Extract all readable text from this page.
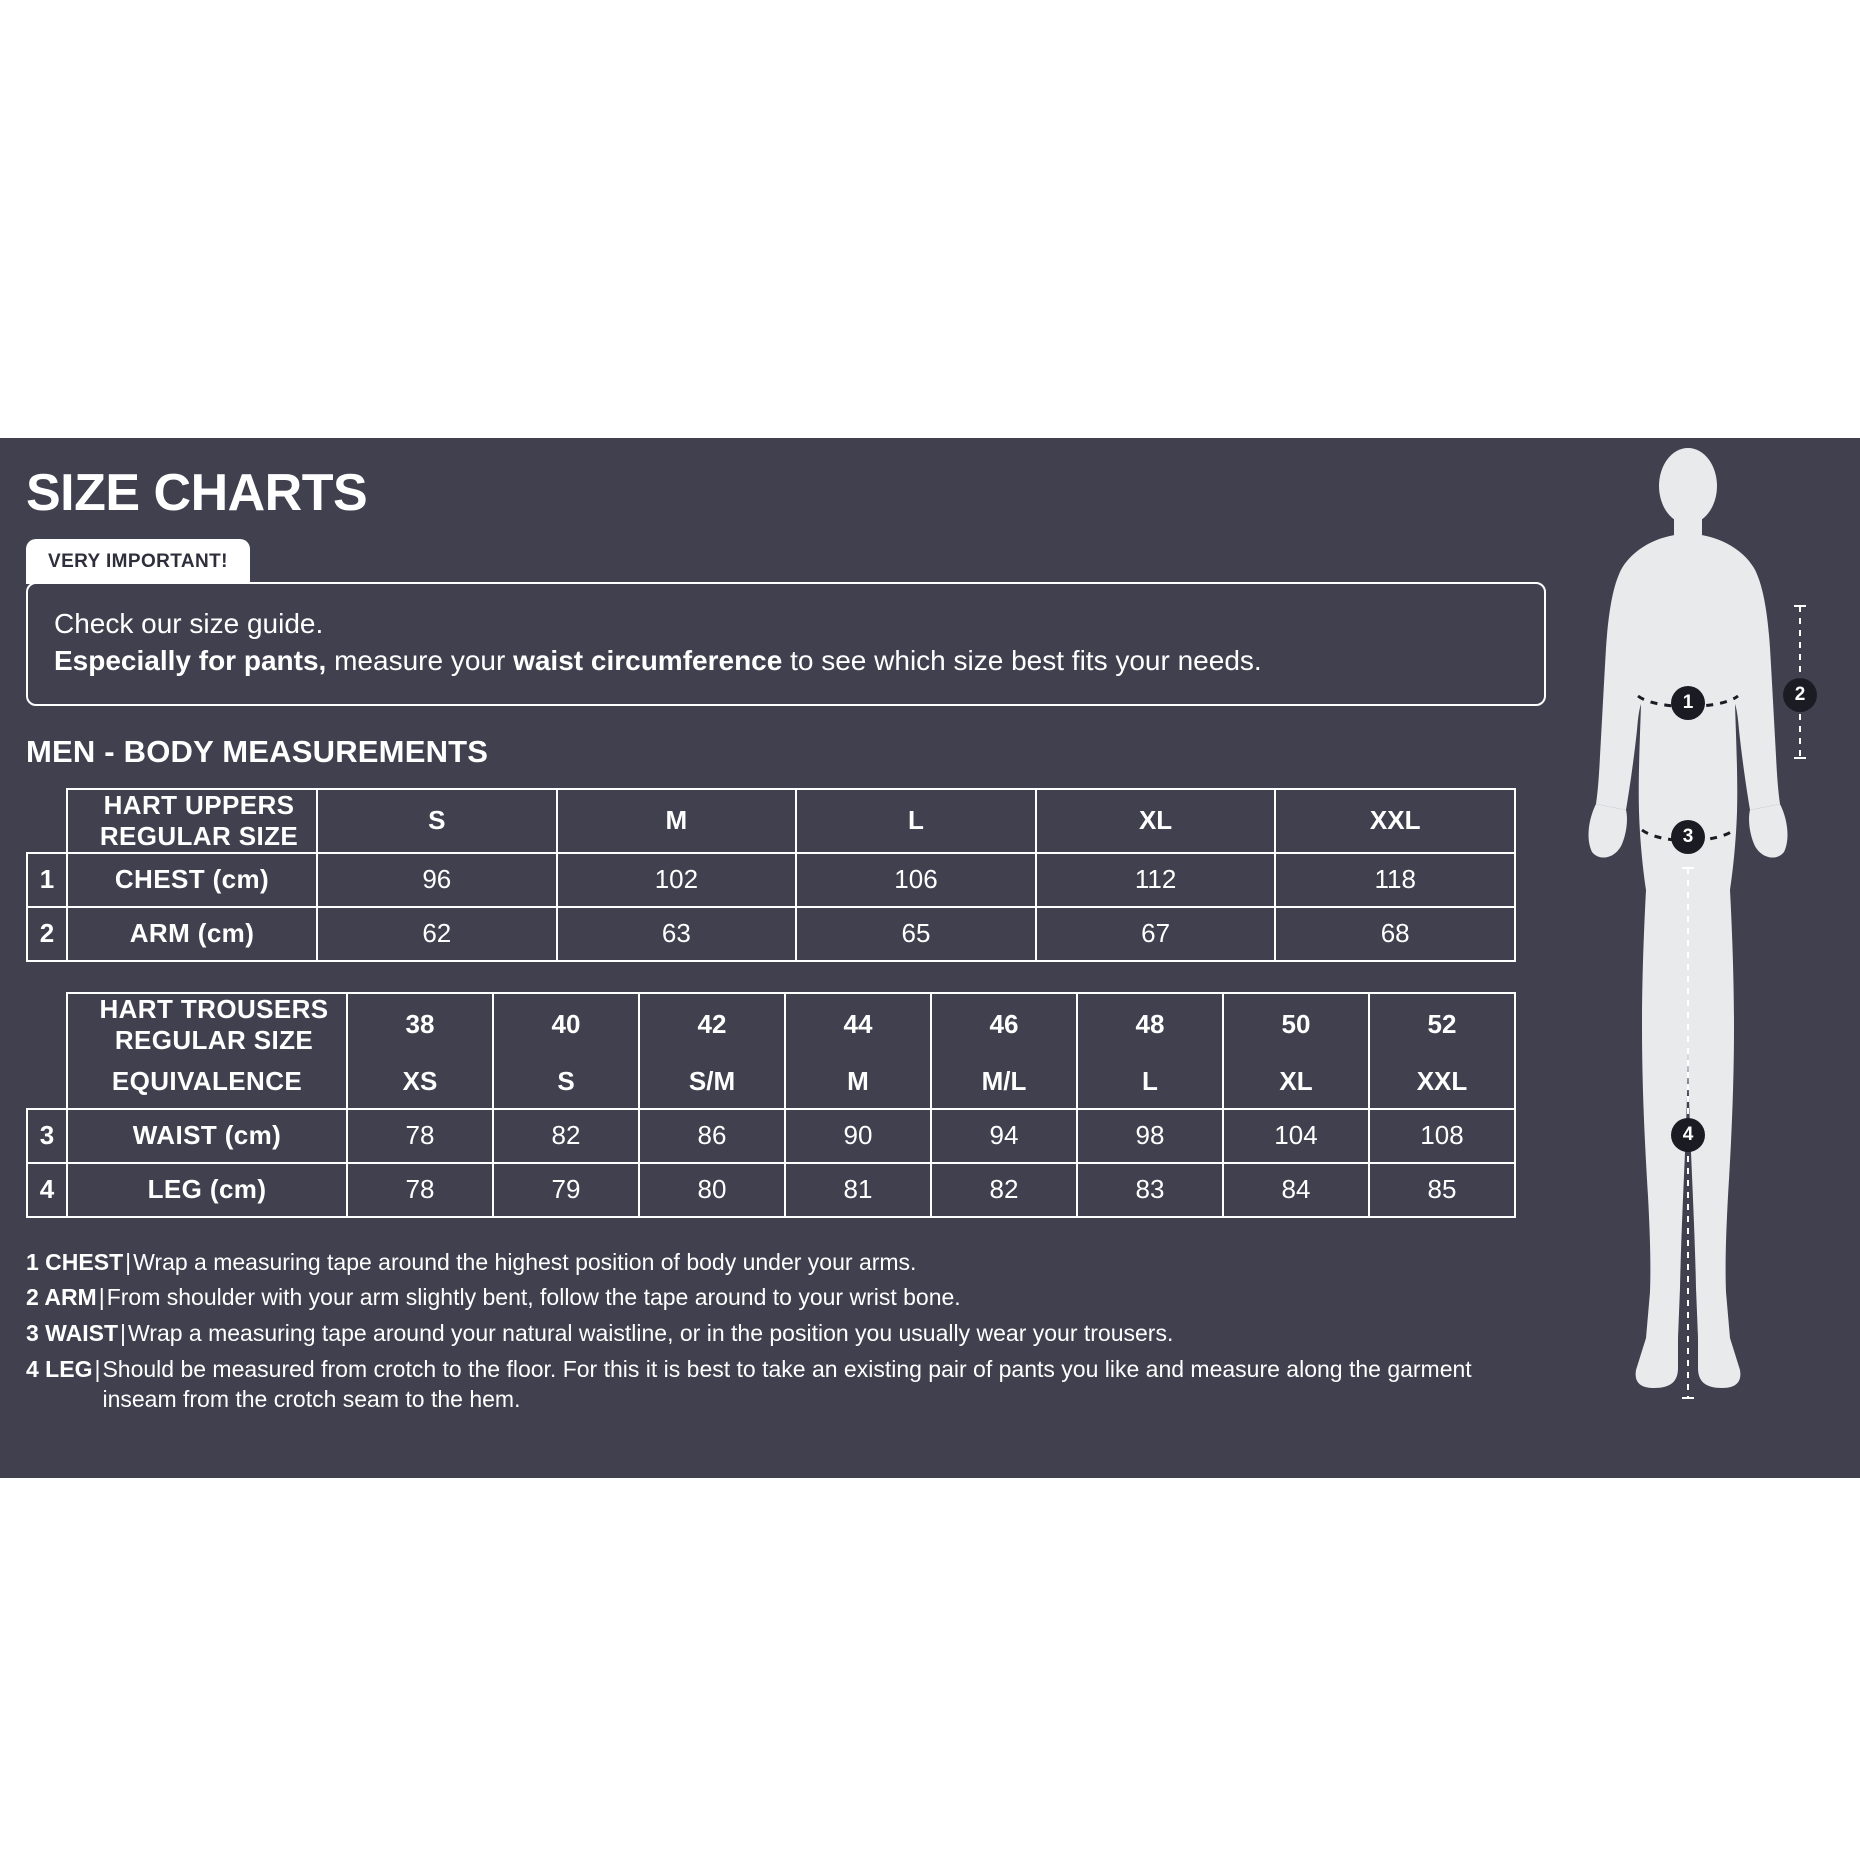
SIZE CHARTS
VERY IMPORTANT!
Check our size guide.
Especially for pants, measure your waist circumference to see which size best fits your needs.
MEN - BODY MEASUREMENTS
	HART UPPERS REGULAR SIZE	S	M	L	XL	XXL
1	CHEST (cm)	96	102	106	112	118
2	ARM (cm)	62	63	65	67	68
	HART TROUSERS REGULAR SIZE	38	40	42	44	46	48	50	52
	EQUIVALENCE	XS	S	S/M	M	M/L	L	XL	XXL
3	WAIST (cm)	78	82	86	90	94	98	104	108
4	LEG (cm)	78	79	80	81	82	83	84	85
1 CHEST | Wrap a measuring tape around the highest position of body under your arms.
2 ARM | From shoulder with your arm slightly bent, follow the tape around to your wrist bone.
3 WAIST | Wrap a measuring tape around your natural waistline, or in the position you usually wear your trousers.
4 LEG | Should be measured from crotch to the floor. For this it is best to take an existing pair of pants you like and measure along the garment inseam from the crotch seam to the hem.
1	2
3
4
